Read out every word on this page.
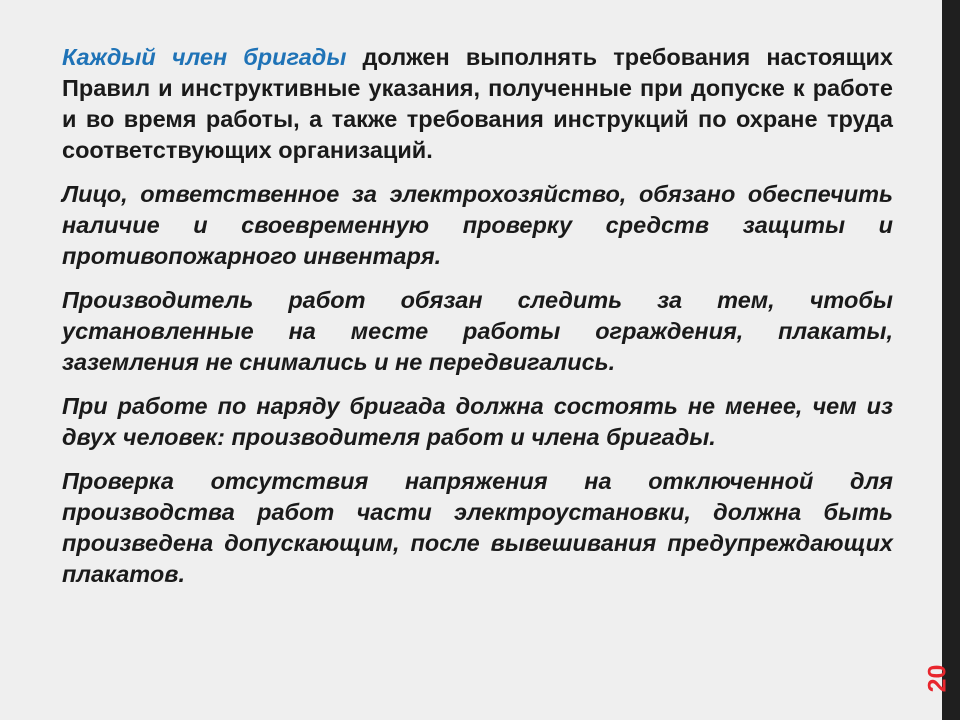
Каждый член бригады должен выполнять требования настоящих Правил и инструктивные указания, полученные при допуске к работе и во время работы, а также требования инструкций по охране труда соответствующих организаций.

Лицо, ответственное за электрохозяйство, обязано обеспечить наличие и своевременную проверку средств защиты и противопожарного инвентаря.

Производитель работ обязан следить за тем, чтобы установленные на месте работы ограждения, плакаты, заземления не снимались и не передвигались.

При работе по наряду бригада должна состоять не менее, чем из двух человек: производителя работ и члена бригады.

Проверка отсутствия напряжения на отключенной для производства работ части электроустановки, должна быть произведена допускающим, после вывешивания предупреждающих плакатов.

20
